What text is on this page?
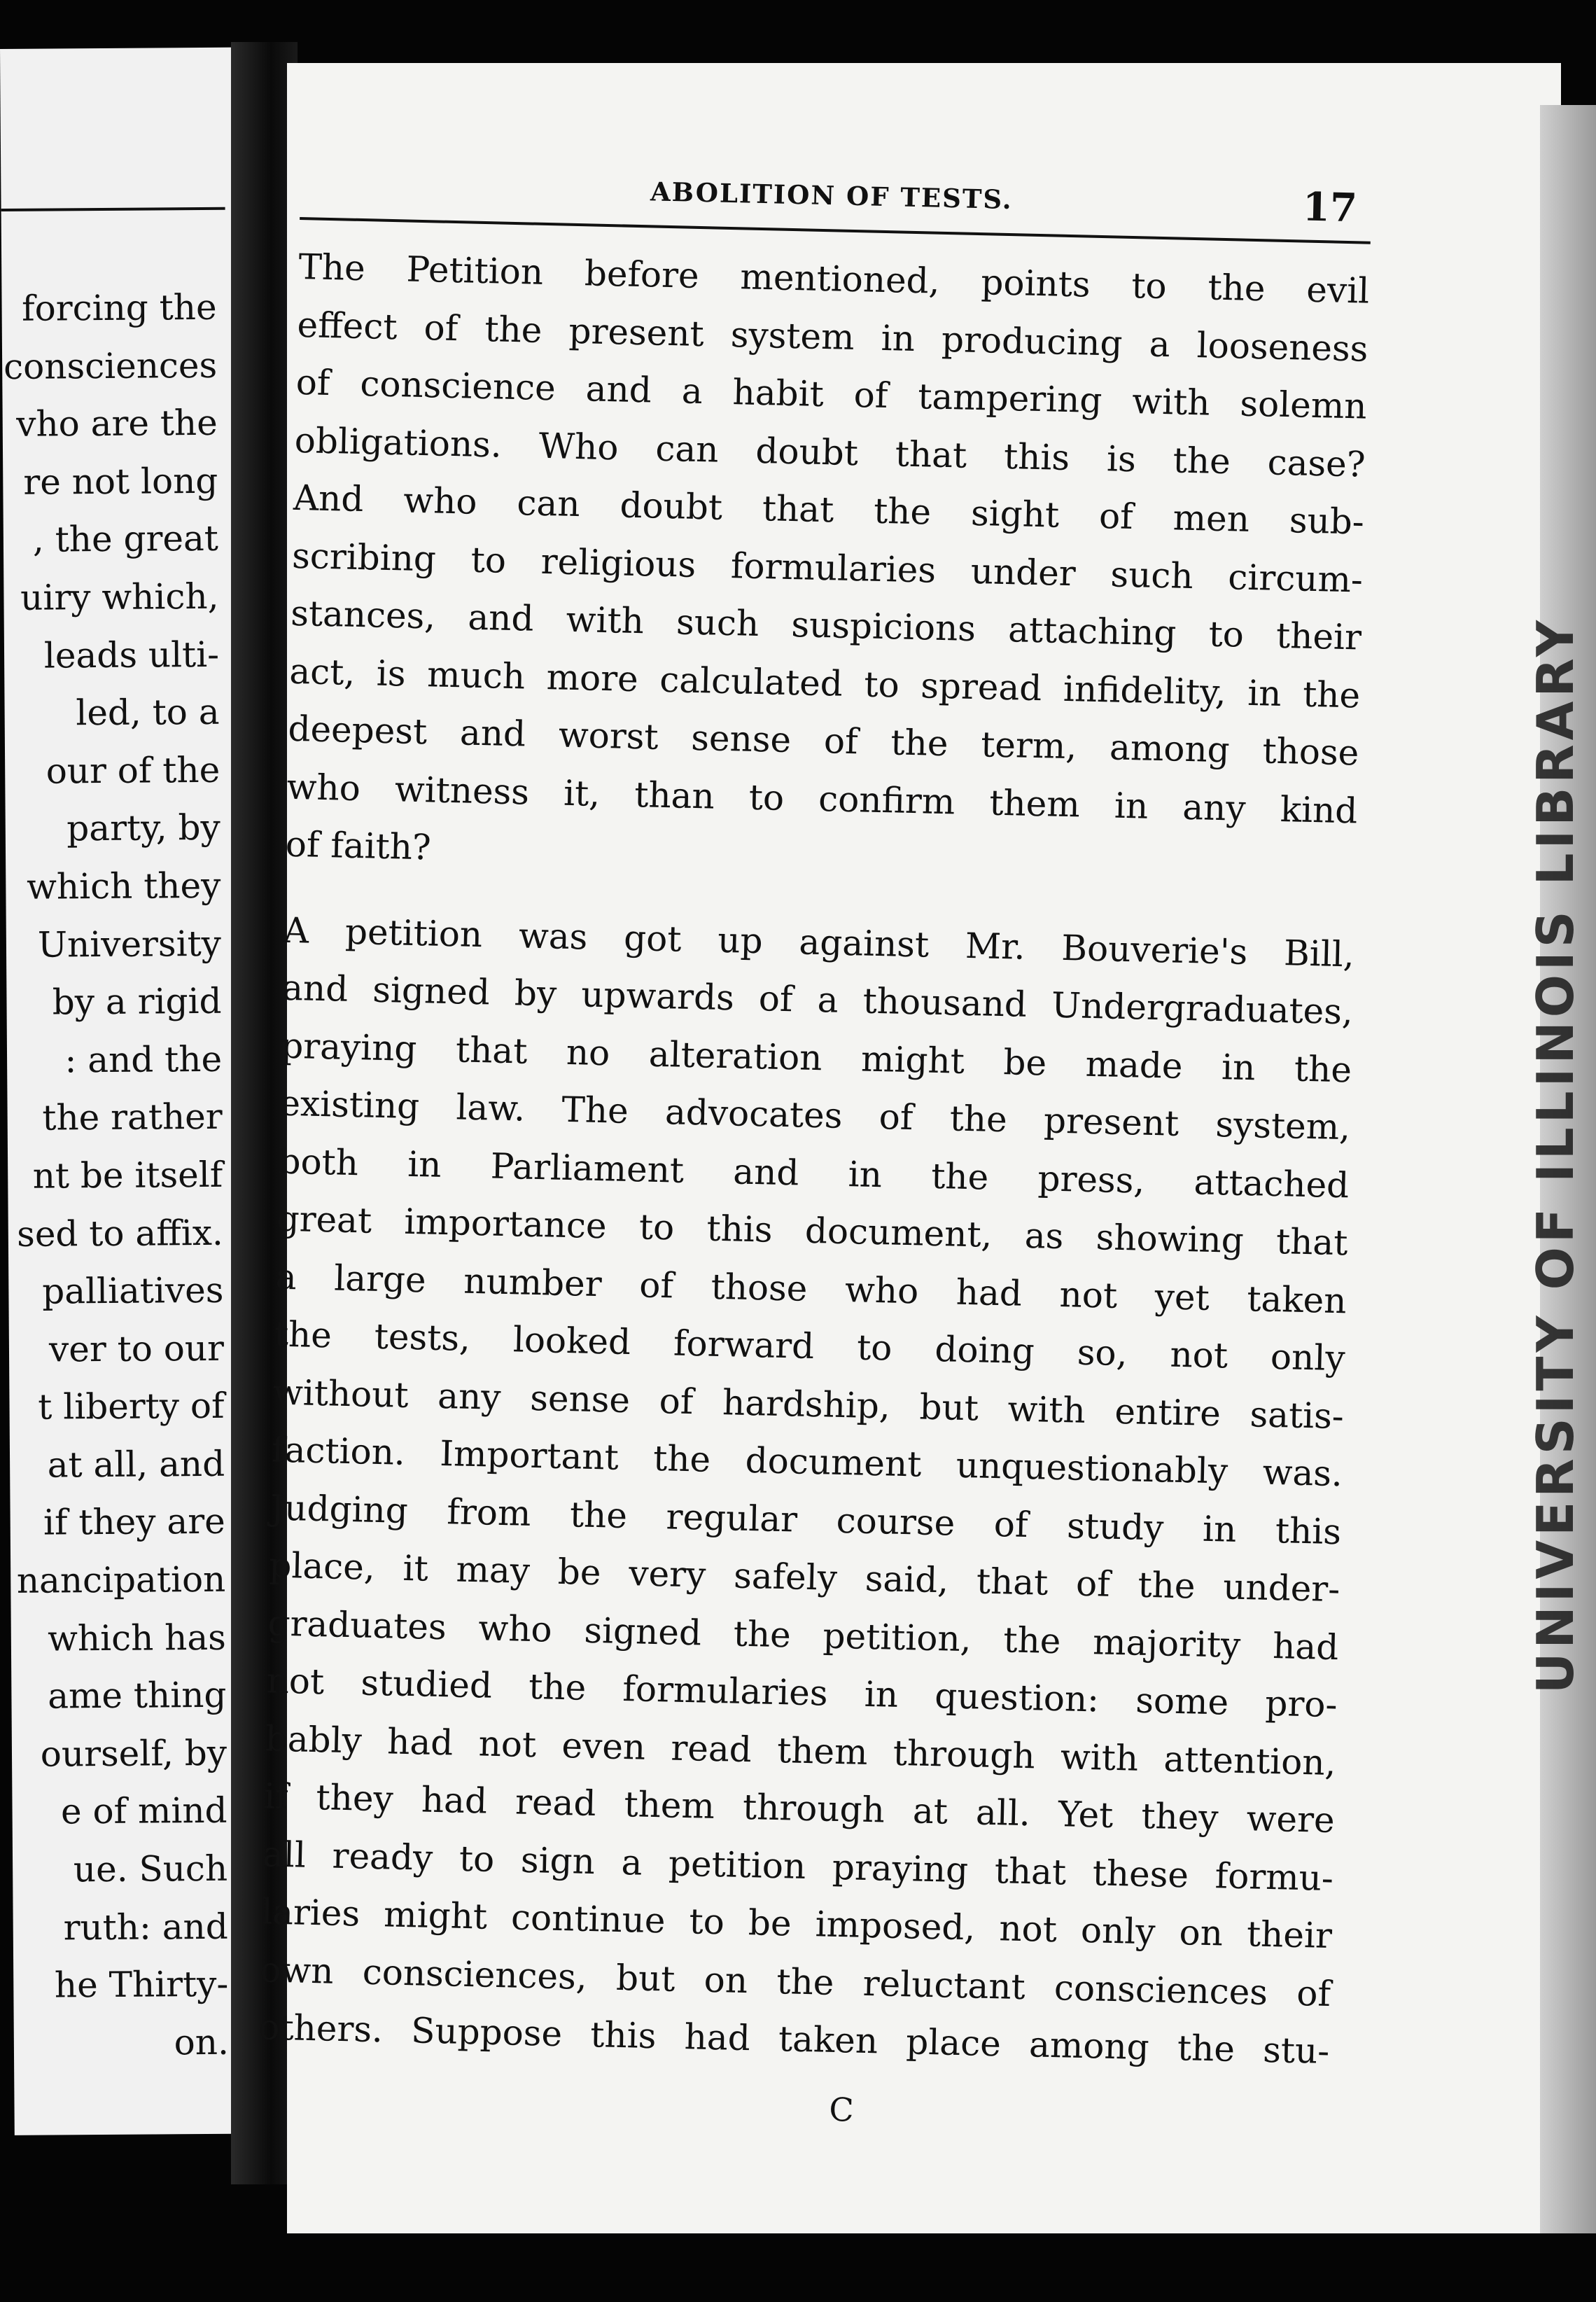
forcing the
consciences
vho are the
re not long
, the great
uiry which,
leads ulti-
led, to a
our of the
party, by
which they
University
by a rigid
: and the
the rather
nt be itself
sed to affix.
palliatives
ver to our
t liberty of
at all, and
if they are
nancipation
which has
ame thing
ourself, by
e of mind
ue. Such
ruth: and
he Thirty-
on.
ABOLITION OF TESTS.	17
The Petition before mentioned, points to the evil
effect of the present system in producing a looseness
of conscience and a habit of tampering with solemn
obligations. Who can doubt that this is the case?
And who can doubt that the sight of men sub-
scribing to religious formularies under such circum-
stances, and with such suspicions attaching to their
act, is much more calculated to spread infidelity, in the
deepest and worst sense of the term, among those
who witness it, than to confirm them in any kind
of faith?
A petition was got up against Mr. Bouverie's Bill,
and signed by upwards of a thousand Undergraduates,
praying that no alteration might be made in the
existing law. The advocates of the present system,
both in Parliament and in the press, attached
great importance to this document, as showing that
a large number of those who had not yet taken
the tests, looked forward to doing so, not only
without any sense of hardship, but with entire satis-
faction. Important the document unquestionably was.
Judging from the regular course of study in this
place, it may be very safely said, that of the under-
graduates who signed the petition, the majority had
not studied the formularies in question: some pro-
bably had not even read them through with attention,
if they had read them through at all. Yet they were
all ready to sign a petition praying that these formu-
laries might continue to be imposed, not only on their
own consciences, but on the reluctant consciences of
others. Suppose this had taken place among the stu-
C
UNIVERSITY OF ILLINOIS LIBRARY
